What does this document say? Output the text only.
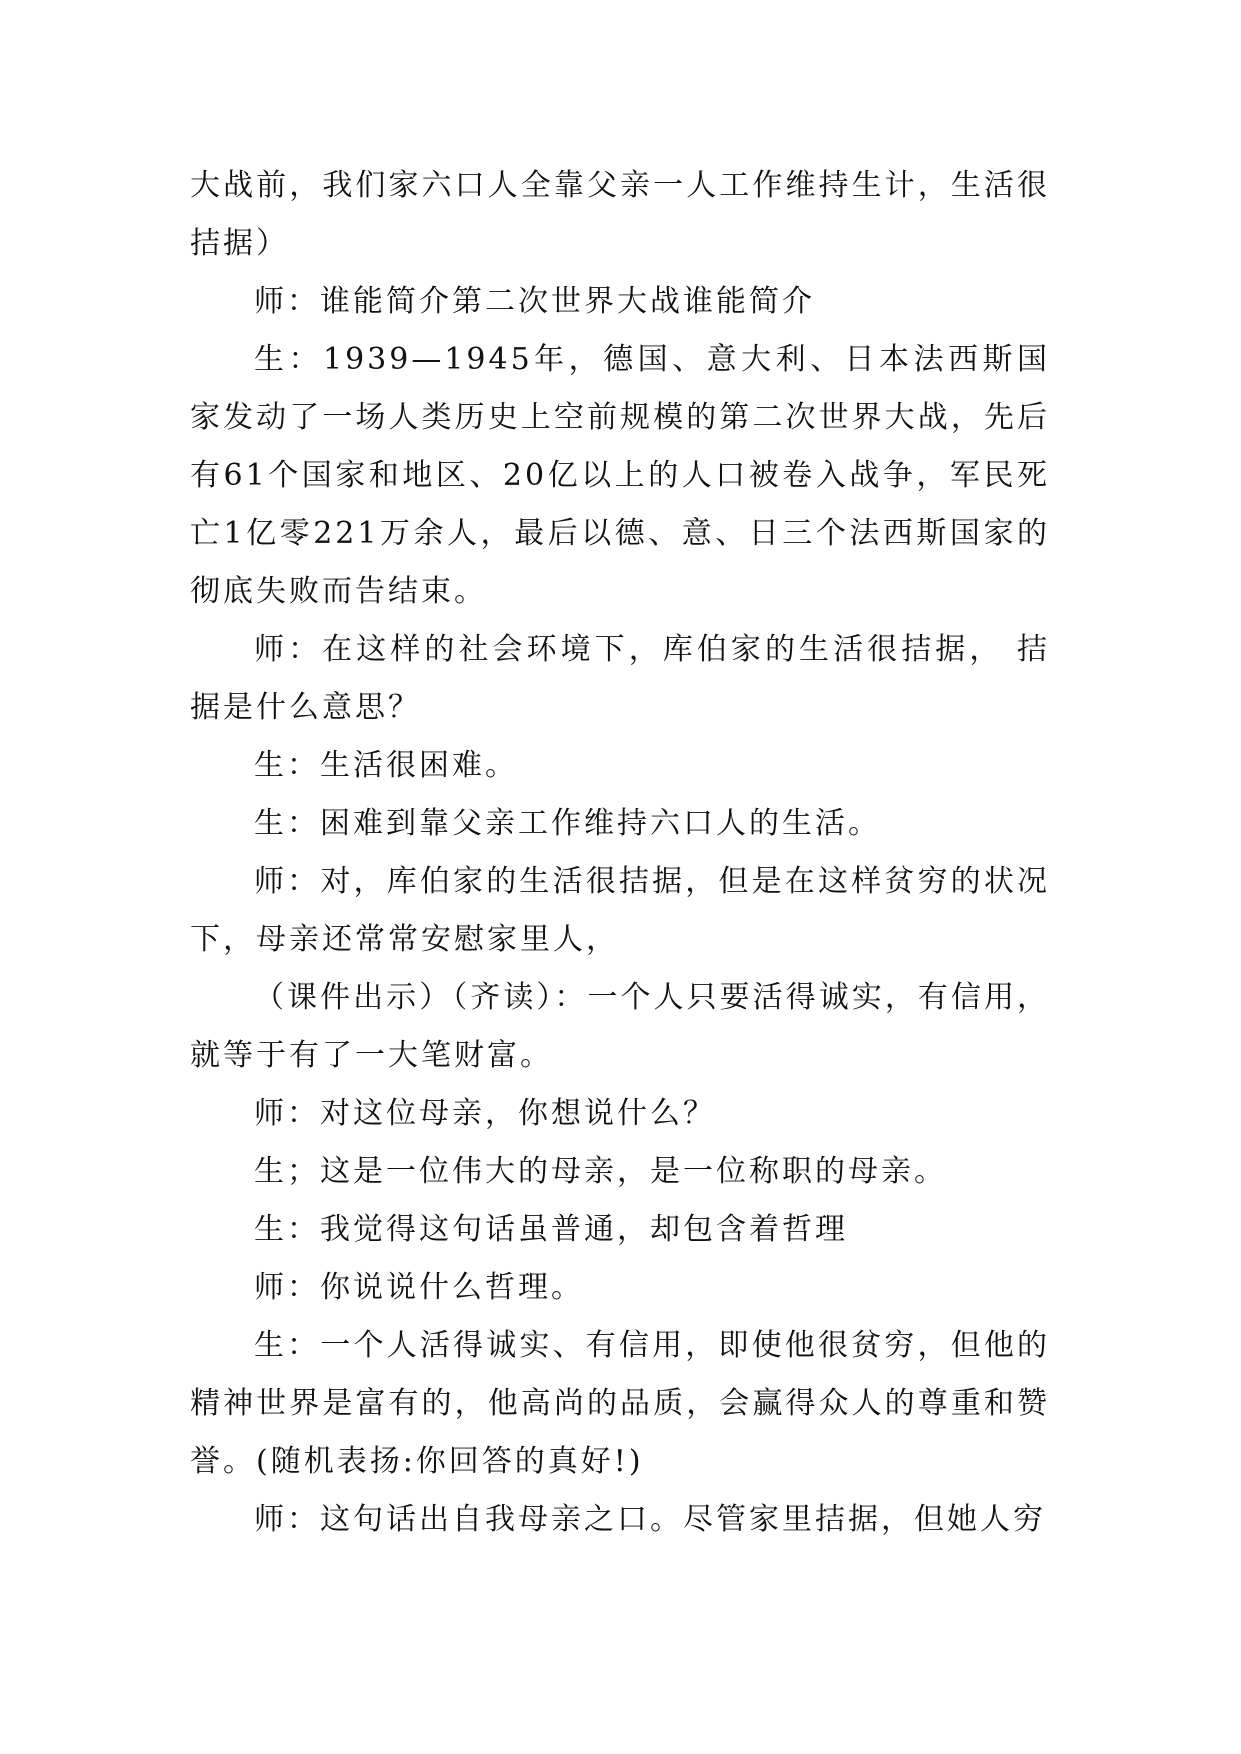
大战前，我们家六口人全靠父亲一人工作维持生计，生活很拮据）

师：谁能简介第二次世界大战谁能简介

生：1939—1945年，德国、意大利、日本法西斯国家发动了一场人类历史上空前规模的第二次世界大战，先后有61个国家和地区、20亿以上的人口被卷入战争，军民死亡1亿零221万余人，最后以德、意、日三个法西斯国家的彻底失败而告结束。

师：在这样的社会环境下，库伯家的生活很拮据， 拮据是什么意思？

生：生活很困难。

生：困难到靠父亲工作维持六口人的生活。

师：对，库伯家的生活很拮据，但是在这样贫穷的状况下，母亲还常常安慰家里人，

（课件出示）（齐读）：一个人只要活得诚实，有信用，就等于有了一大笔财富。

师：对这位母亲，你想说什么？

生；这是一位伟大的母亲，是一位称职的母亲。

生：我觉得这句话虽普通，却包含着哲理

师：你说说什么哲理。

生：一个人活得诚实、有信用，即使他很贫穷，但他的精神世界是富有的，他高尚的品质，会赢得众人的尊重和赞誉。(随机表扬:你回答的真好!)

师：这句话出自我母亲之口。尽管家里拮据，但她人穷
